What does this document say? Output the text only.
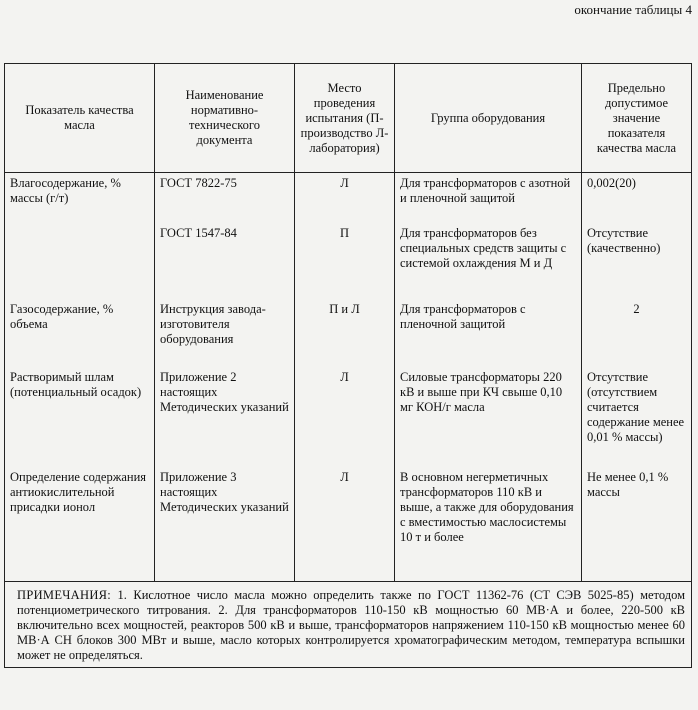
окончание таблицы 4
Показатель качества масла	Наименование нормативно-технического документа	Место проведения испытания (П- производство Л- лаборатория)	Группа оборудования	Предельно допустимое значение показателя качества масла
Влагосодержание, % массы (г/т)	ГОСТ 7822-75	Л	Для трансформаторов с азотной и пленочной защитой	0,002(20)
	ГОСТ 1547-84	П	Для трансформаторов без специальных средств защиты с системой охлаждения М и Д	Отсутствие (качественно)
Газосодержание, % объема	Инструкция завода-изготовителя оборудования	П и Л	Для трансформаторов с пленочной защитой	2
Растворимый шлам (потенциальный осадок)	Приложение 2 настоящих Методических указаний	Л	Силовые трансформаторы 220 кВ и выше при КЧ свыше 0,10 мг КОН/г масла	Отсутствие (отсутствием считается содержание менее 0,01 % массы)
Определение содержания антиокислительной присадки ионол	Приложение 3 настоящих Методических указаний	Л	В основном негерметичных трансформаторов 110 кВ и выше, а также для оборудования с вместимостью маслосистемы 10 т и более	Не менее 0,1 % массы
ПРИМЕЧАНИЯ: 1. Кислотное число масла можно определить также по ГОСТ 11362-76 (СТ СЭВ 5025-85) методом потенциометрического титрования. 2. Для трансформаторов 110-150 кВ мощностью 60 МВ·А и более, 220-500 кВ включительно всех мощностей, реакторов 500 кВ и выше, трансформаторов напряжением 110-150 кВ мощностью менее 60 МВ·А СН блоков 300 МВт и выше, масло которых контролируется хроматографическим методом, температура вспышки может не определяться.				
